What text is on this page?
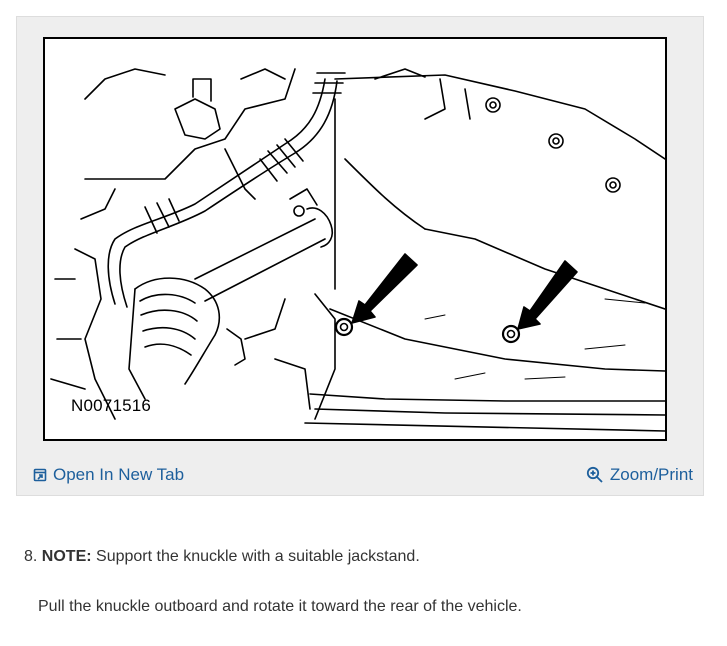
N0071516
Open In New Tab	Zoom/Print
8. NOTE: Support the knuckle with a suitable jackstand.
Pull the knuckle outboard and rotate it toward the rear of the vehicle.
